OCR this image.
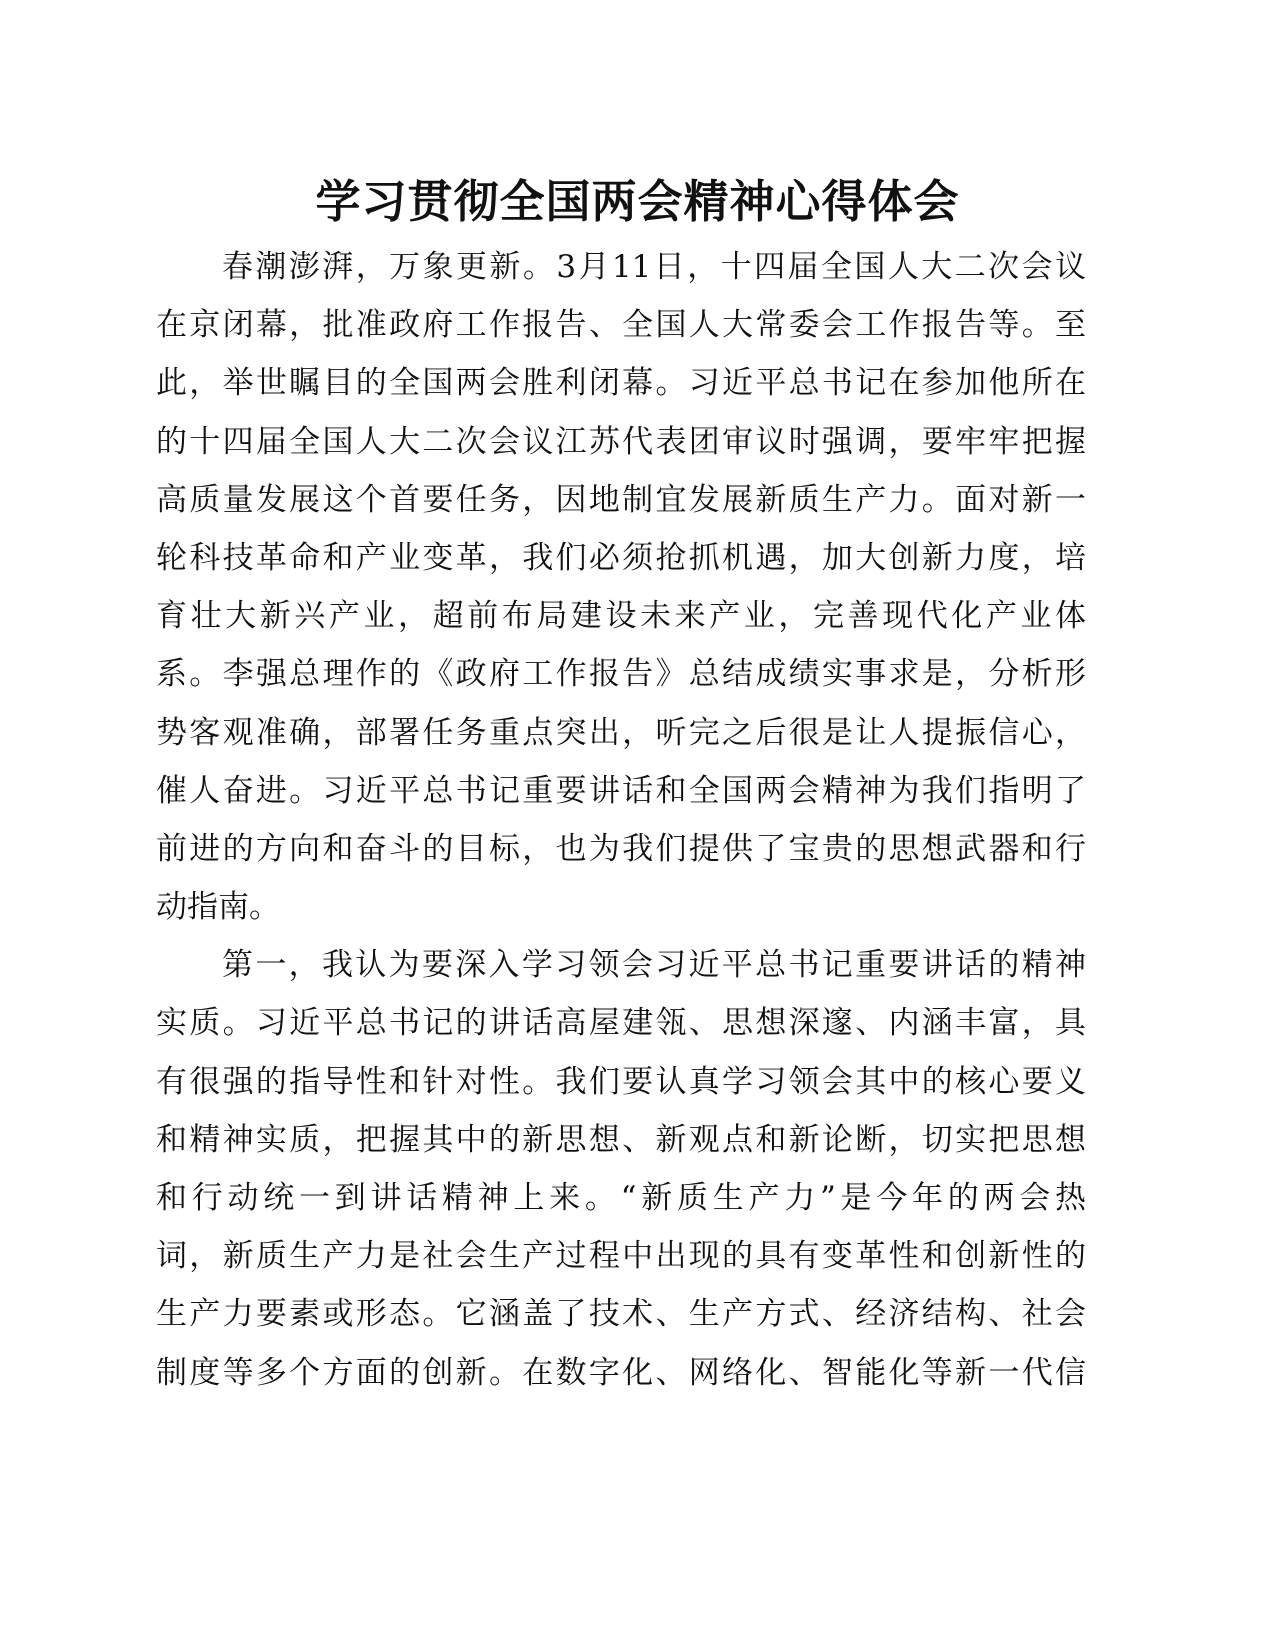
学习贯彻全国两会精神心得体会
春潮澎湃，万象更新。3月11日，十四届全国人大二次会议
在京闭幕，批准政府工作报告、全国人大常委会工作报告等。至
此，举世瞩目的全国两会胜利闭幕。习近平总书记在参加他所在
的十四届全国人大二次会议江苏代表团审议时强调，要牢牢把握
高质量发展这个首要任务，因地制宜发展新质生产力。面对新一
轮科技革命和产业变革，我们必须抢抓机遇，加大创新力度，培
育壮大新兴产业，超前布局建设未来产业，完善现代化产业体
系。李强总理作的《政府工作报告》总结成绩实事求是，分析形
势客观准确，部署任务重点突出，听完之后很是让人提振信心，
催人奋进。习近平总书记重要讲话和全国两会精神为我们指明了
前进的方向和奋斗的目标，也为我们提供了宝贵的思想武器和行
动指南。
第一，我认为要深入学习领会习近平总书记重要讲话的精神
实质。习近平总书记的讲话高屋建瓴、思想深邃、内涵丰富，具
有很强的指导性和针对性。我们要认真学习领会其中的核心要义
和精神实质，把握其中的新思想、新观点和新论断，切实把思想
和行动统一到讲话精神上来。“新质生产力”是今年的两会热
词，新质生产力是社会生产过程中出现的具有变革性和创新性的
生产力要素或形态。它涵盖了技术、生产方式、经济结构、社会
制度等多个方面的创新。在数字化、网络化、智能化等新一代信
